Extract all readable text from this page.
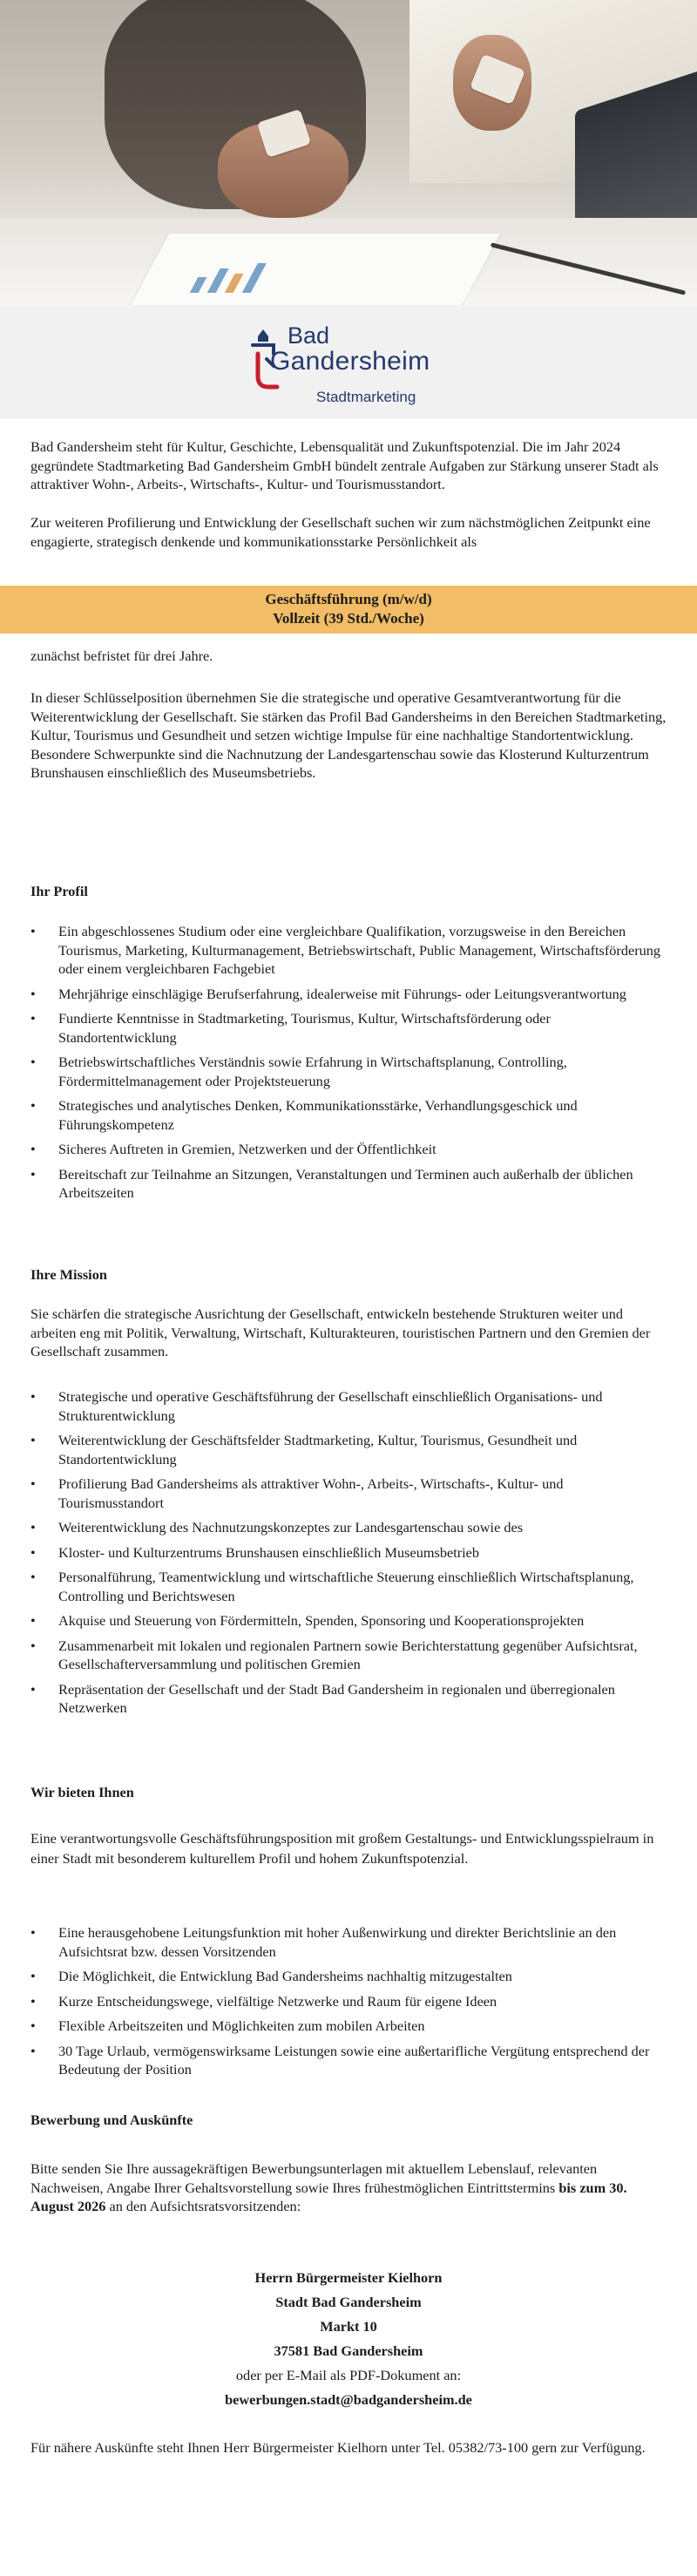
Bad
Gandersheim
Stadtmarketing

Bad Gandersheim steht für Kultur, Geschichte, Lebensqualität und Zukunftspotenzial. Die im Jahr 2024 gegründete Stadtmarketing Bad Gandersheim GmbH bündelt zentrale Aufgaben zur Stärkung unserer Stadt als attraktiver Wohn-, Arbeits-, Wirtschafts-, Kultur- und Tourismusstandort.

Zur weiteren Profilierung und Entwicklung der Gesellschaft suchen wir zum nächstmöglichen Zeitpunkt eine engagierte, strategisch denkende und kommunikationsstarke Persönlichkeit als

Geschäftsführung (m/w/d)
Vollzeit (39 Std./Woche)

zunächst befristet für drei Jahre.

In dieser Schlüsselposition übernehmen Sie die strategische und operative Gesamtverantwortung für die Weiterentwicklung der Gesellschaft. Sie stärken das Profil Bad Gandersheims in den Bereichen Stadtmarketing, Kultur, Tourismus und Gesundheit und setzen wichtige Impulse für eine nachhaltige Standortentwicklung. Besondere Schwerpunkte sind die Nachnutzung der Landesgartenschau sowie das Klosterund Kulturzentrum Brunshausen einschließlich des Museumsbetriebs.

Ihr Profil
• Ein abgeschlossenes Studium oder eine vergleichbare Qualifikation, vorzugsweise in den Bereichen Tourismus, Marketing, Kulturmanagement, Betriebswirtschaft, Public Management, Wirtschaftsförderung oder einem vergleichbaren Fachgebiet
• Mehrjährige einschlägige Berufserfahrung, idealerweise mit Führungs- oder Leitungsverantwortung
• Fundierte Kenntnisse in Stadtmarketing, Tourismus, Kultur, Wirtschaftsförderung oder Standortentwicklung
• Betriebswirtschaftliches Verständnis sowie Erfahrung in Wirtschaftsplanung, Controlling, Fördermittelmanagement oder Projektsteuerung
• Strategisches und analytisches Denken, Kommunikationsstärke, Verhandlungsgeschick und Führungskompetenz
• Sicheres Auftreten in Gremien, Netzwerken und der Öffentlichkeit
• Bereitschaft zur Teilnahme an Sitzungen, Veranstaltungen und Terminen auch außerhalb der üblichen Arbeitszeiten
Ihre Mission

Sie schärfen die strategische Ausrichtung der Gesellschaft, entwickeln bestehende Strukturen weiter und arbeiten eng mit Politik, Verwaltung, Wirtschaft, Kulturakteuren, touristischen Partnern und den Gremien der Gesellschaft zusammen.

• Strategische und operative Geschäftsführung der Gesellschaft einschließlich Organisations- und Strukturentwicklung
• Weiterentwicklung der Geschäftsfelder Stadtmarketing, Kultur, Tourismus, Gesundheit und Standortentwicklung
• Profilierung Bad Gandersheims als attraktiver Wohn-, Arbeits-, Wirtschafts-, Kultur- und Tourismusstandort
• Weiterentwicklung des Nachnutzungskonzeptes zur Landesgartenschau sowie des
• Kloster- und Kulturzentrums Brunshausen einschließlich Museumsbetrieb
• Personalführung, Teamentwicklung und wirtschaftliche Steuerung einschließlich Wirtschaftsplanung, Controlling und Berichtswesen
• Akquise und Steuerung von Fördermitteln, Spenden, Sponsoring und Kooperationsprojekten
• Zusammenarbeit mit lokalen und regionalen Partnern sowie Berichterstattung gegenüber Aufsichtsrat, Gesellschafterversammlung und politischen Gremien
• Repräsentation der Gesellschaft und der Stadt Bad Gandersheim in regionalen und überregionalen Netzwerken
Wir bieten Ihnen

Eine verantwortungsvolle Geschäftsführungsposition mit großem Gestaltungs- und Entwicklungsspielraum in einer Stadt mit besonderem kulturellem Profil und hohem Zukunftspotenzial.

• Eine herausgehobene Leitungsfunktion mit hoher Außenwirkung und direkter Berichtslinie an den Aufsichtsrat bzw. dessen Vorsitzenden
• Die Möglichkeit, die Entwicklung Bad Gandersheims nachhaltig mitzugestalten
• Kurze Entscheidungswege, vielfältige Netzwerke und Raum für eigene Ideen
• Flexible Arbeitszeiten und Möglichkeiten zum mobilen Arbeiten
• 30 Tage Urlaub, vermögenswirksame Leistungen sowie eine außertarifliche Vergütung entsprechend der Bedeutung der Position
Bewerbung und Auskünfte

Bitte senden Sie Ihre aussagekräftigen Bewerbungsunterlagen mit aktuellem Lebenslauf, relevanten Nachweisen, Angabe Ihrer Gehaltsvorstellung sowie Ihres frühestmöglichen Eintrittstermins bis zum 30. August 2026 an den Aufsichtsratsvorsitzenden:

Herrn Bürgermeister Kielhorn
Stadt Bad Gandersheim
Markt 10
37581 Bad Gandersheim
oder per E-Mail als PDF-Dokument an:
bewerbungen.stadt@badgandersheim.de

Für nähere Auskünfte steht Ihnen Herr Bürgermeister Kielhorn unter Tel. 05382/73-100 gern zur Verfügung.
